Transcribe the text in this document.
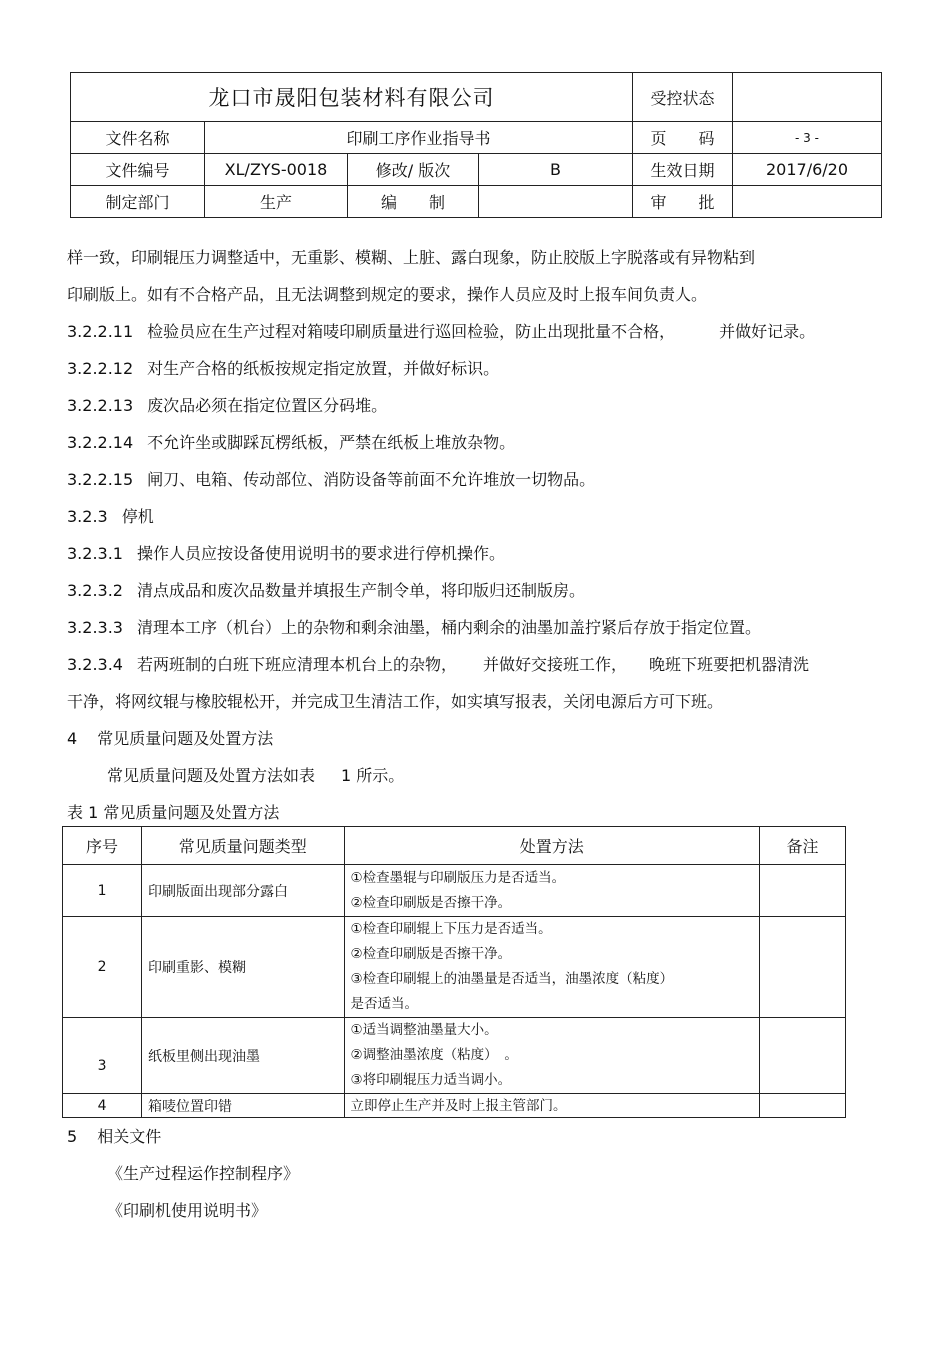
龙口市晟阳包装材料有限公司				受控状态	
文件名称	印刷工序作业指导书			页　　码	- 3 -
文件编号	XL/ZYS-0018	修改/ 版次	B	生效日期	2017/6/20
制定部门	生产	编　　制		审　　批	
样一致，印刷辊压力调整适中，无重影、模糊、上脏、露白现象，防止胶版上字脱落或有异物粘到
印刷版上。如有不合格产品，且无法调整到规定的要求，操作人员应及时上报车间负责人。
3.2.2.11 检验员应在生产过程对箱唛印刷质量进行巡回检验，防止出现批量不合格，	并做好记录。
3.2.2.12 对生产合格的纸板按规定指定放置，并做好标识。
3.2.2.13 废次品必须在指定位置区分码堆。
3.2.2.14 不允许坐或脚踩瓦楞纸板，严禁在纸板上堆放杂物。
3.2.2.15 闸刀、电箱、传动部位、消防设备等前面不允许堆放一切物品。
3.2.3 停机
3.2.3.1 操作人员应按设备使用说明书的要求进行停机操作。
3.2.3.2 清点成品和废次品数量并填报生产制令单，将印版归还制版房。
3.2.3.3 清理本工序（机台）上的杂物和剩余油墨，桶内剩余的油墨加盖拧紧后存放于指定位置。
3.2.3.4 若两班制的白班下班应清理本机台上的杂物， 并做好交接班工作， 晚班下班要把机器清洗
干净，将网纹辊与橡胶辊松开，并完成卫生清洁工作，如实填写报表，关闭电源后方可下班。
4 常见质量问题及处置方法
常见质量问题及处置方法如表 1 所示。
表 1 常见质量问题及处置方法
序号	常见质量问题类型	处置方法	备注
1	印刷版面出现部分露白	①检查墨辊与印刷版压力是否适当。
②检查印刷版是否擦干净。	

2	印刷重影、模糊	①检查印刷辊上下压力是否适当。
②检查印刷版是否擦干净。
③检查印刷辊上的油墨量是否适当，油墨浓度（粘度）
是否适当。	

3	纸板里侧出现油墨	①适当调整油墨量大小。
②调整油墨浓度（粘度）　。
③将印刷辊压力适当调小。	

4	箱唛位置印错	立即停止生产并及时上报主管部门。	

5 相关文件
《生产过程运作控制程序》
《印刷机使用说明书》
